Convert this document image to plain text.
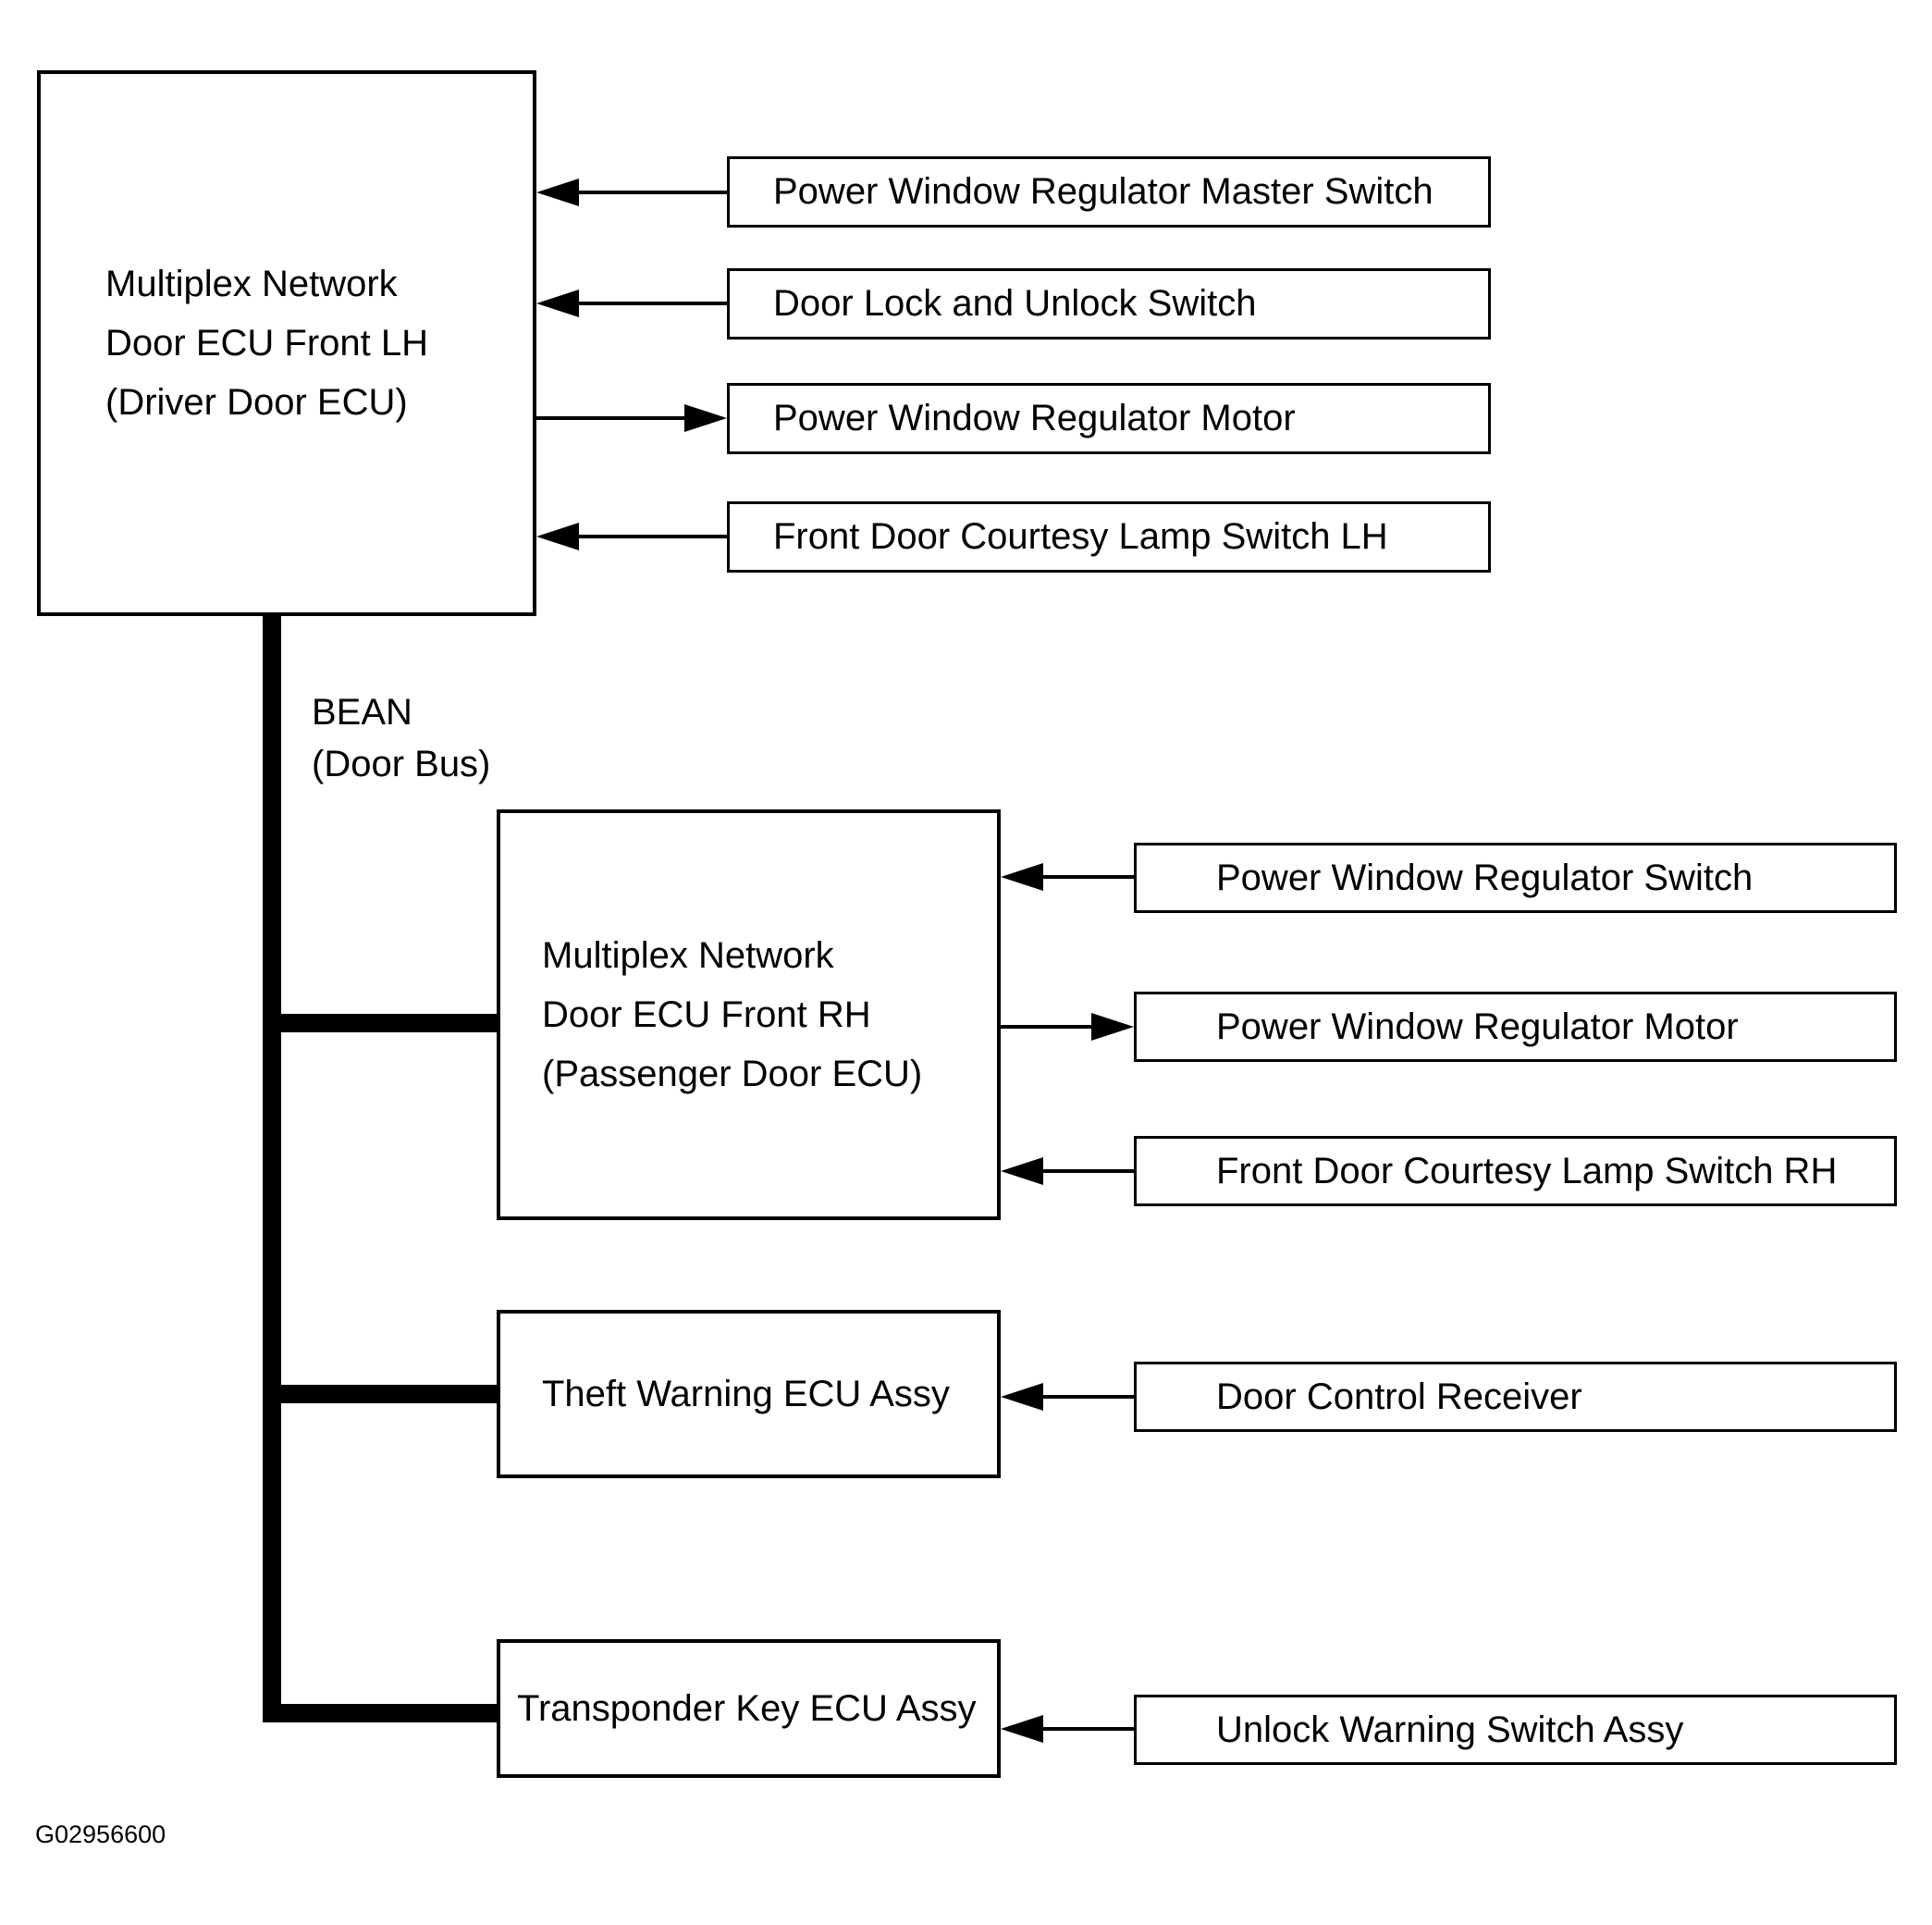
Multiplex Network
Door ECU Front LH
(Driver Door ECU)
BEAN
(Door Bus)
Power Window Regulator Master Switch
Door Lock and Unlock Switch
Power Window Regulator Motor
Front Door Courtesy Lamp Switch LH
Multiplex Network
Door ECU Front RH
(Passenger Door ECU)
Power Window Regulator Switch
Power Window Regulator Motor
Front Door Courtesy Lamp Switch RH
Theft Warning ECU Assy	Door Control Receiver
Transponder Key ECU Assy
Unlock Warning Switch Assy
G02956600
